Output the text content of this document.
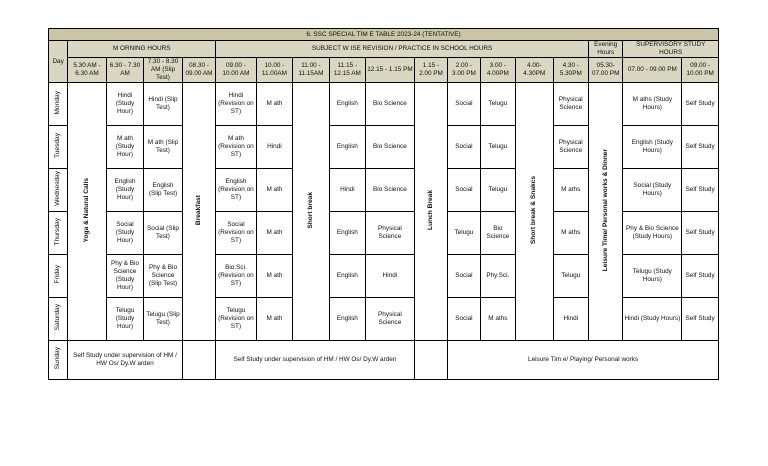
6. SSC SPECIAL TIM E TABLE 2023-24 (TENTATIVE)																	
Day	M ORNING HOURS				SUBJECT W ISE REVISION / PRACTICE IN SCHOOL HOURS										Evening Hours	SUPERVISORY STUDY HOURS	
	5.30 AM - 6.30 AM	6.30 - 7.30 AM	7.30 - 8.30 AM (Slip Test)	08.30 - 09.00 AM	09.00 - 10.00 AM	10.00 - 11.00AM	11.00 - 11.15AM	11.15 - 12.15 AM	12.15 - 1.15 PM	1.15 - 2.00 PM	2.00 - 3.00 PM	3.00 - 4.00PM	4.00- 4.30PM	4.30 - 5.30PM	05.30- 07.00 PM	07.00 - 09.00 PM	09.00 - 10.00 PM
Monday	Yoga & Natural Calls	Hindi (Study Hour)	Hindi (Slip Test)	Breakfast	Hindi (Revision on ST)	M ath	Short break	English	Bio Science	Lunch Break	Social	Telugu	Short break & Snakcs	Physical Science	Leisure Time/ Personal works & Dinner	M aths (Study Hours)	Self Study
Tuesday		M ath (Study Hour)	M ath (Slip Test)		M ath (Revision on ST)	Hindi		English	Bio Science		Social	Telugu		Physical Science		English (Study Hours)	Self Study
Wednesday		English (Study Hour)	English (Slip Test)		English (Revision on ST)	M ath		Hindi	Bio Science		Social	Telugu		M aths		Social (Study Hours)	Self Study
Thursday		Social (Study Hour)	Social (Slip Test)		Social (Revision on ST)	M ath		English	Physical Science		Telugu	Bio Science		M aths		Phy & Bio Science (Study Hours)	Self Study
Friday		Phy & Bio Science (Study Hour)	Phy & Bio Science (Slip Test)		Bio.Sci. (Revision on ST)	M ath		English	Hindi		Social	Phy.Sci.		Telugu		Telugu (Study Hours)	Self Study
Saturday		Telugu (Study Hour)	Telugu (Slip Test)		Telugu (Revision on ST)	M ath		English	Physical Science		Social	M aths		Hindi		Hindi (Study Hours)	Self Study
Sunday	Self Study under supervision of HM / HW Os/ Dy.W arden				Self Study under supervision of HM / HW Os/ Dy.W arden						Leisure Tim e/ Playing/ Personal works						
